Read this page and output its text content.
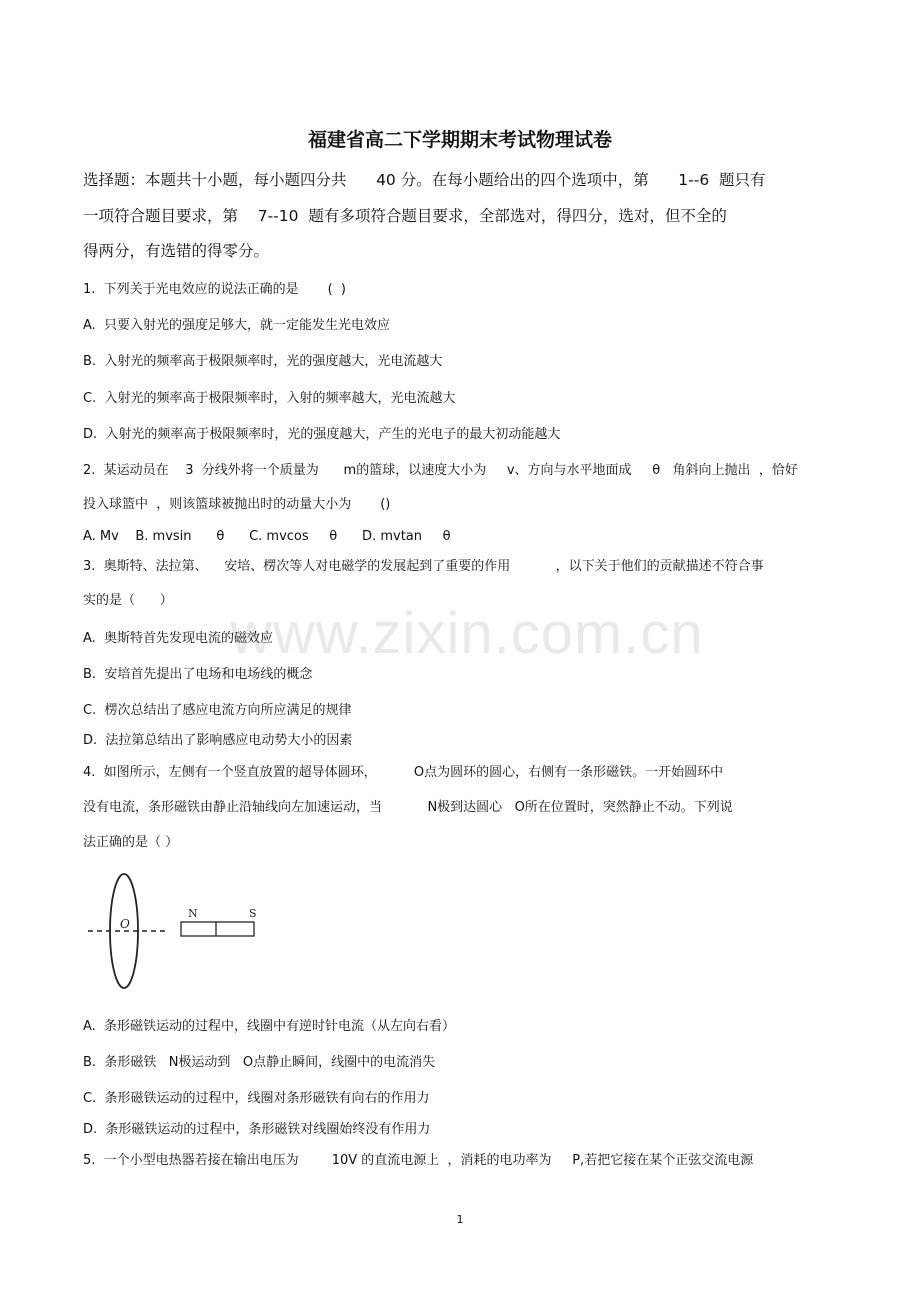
www.zixin.com.cn
福建省高二下学期期末考试物理试卷
选择题：本题共十小题，每小题四分共      40 分。在每小题给出的四个选项中，第      1--6  题只有
一项符合题目要求，第    7--10  题有多项符合题目要求，全部选对，得四分，选对，但不全的
得两分，有选错的得零分。
1.  下列关于光电效应的说法正确的是       (  )
A.  只要入射光的强度足够大，就一定能发生光电效应
B.  入射光的频率高于极限频率时，光的强度越大，光电流越大
C.  入射光的频率高于极限频率时，入射的频率越大，光电流越大
D.  入射光的频率高于极限频率时，光的强度越大，产生的光电子的最大初动能越大
2.  某运动员在    3  分线外将一个质量为      m的篮球，以速度大小为     v、方向与水平地面成     θ   角斜向上抛出  ，恰好
投入球篮中  ，则该篮球被抛出时的动量大小为       ()
A. Mv    B. mvsin      θ      C. mvcos     θ      D. mvtan     θ
3.  奥斯特、法拉第、    安培、楞次等人对电磁学的发展起到了重要的作用           ，以下关于他们的贡献描述不符合事
实的是（      ）
A.  奥斯特首先发现电流的磁效应
B.  安培首先提出了电场和电场线的概念
C.  楞次总结出了感应电流方向所应满足的规律
D.  法拉第总结出了影响感应电动势大小的因素
4.  如图所示，左侧有一个竖直放置的超导体圆环，         O点为圆环的圆心，右侧有一条形磁铁。一开始圆环中
没有电流，条形磁铁由静止沿轴线向左加速运动，当           N极到达圆心   O所在位置时，突然静止不动。下列说
法正确的是（ ）
O
N	S
A.  条形磁铁运动的过程中，线圈中有逆时针电流（从左向右看）
B.  条形磁铁   N极运动到   O点静止瞬间，线圈中的电流消失
C.  条形磁铁运动的过程中，线圈对条形磁铁有向右的作用力
D.  条形磁铁运动的过程中，条形磁铁对线圈始终没有作用力
5.  一个小型电热器若接在输出电压为        10V 的直流电源上  ，消耗的电功率为     P,若把它接在某个正弦交流电源
1
